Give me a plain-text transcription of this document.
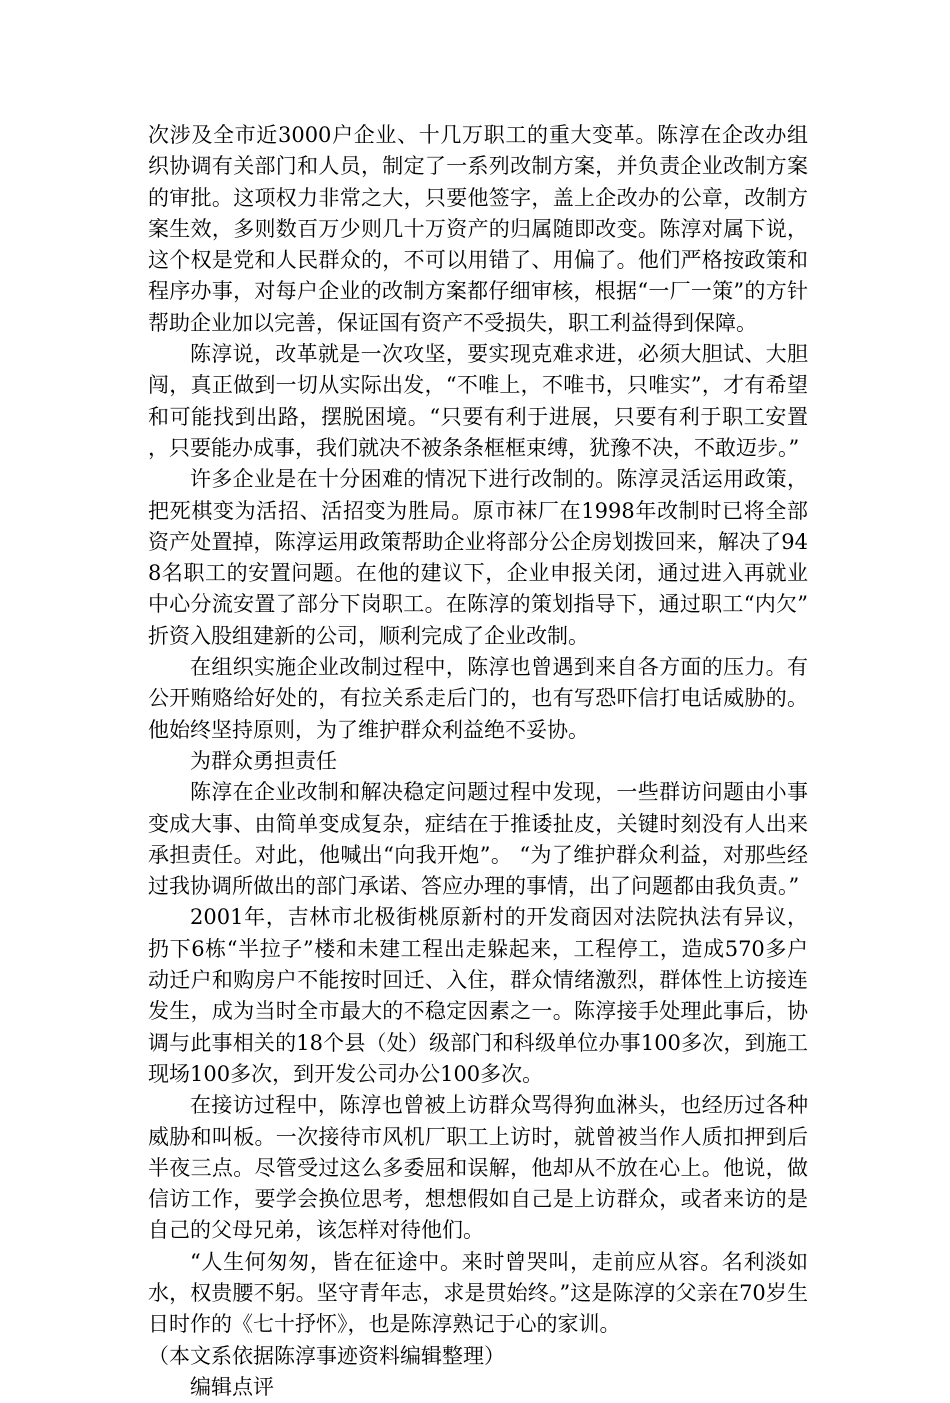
次涉及全市近3000户企业、十几万职工的重大变革。陈淳在企改办组织协调有关部门和人员，制定了一系列改制方案，并负责企业改制方案的审批。这项权力非常之大，只要他签字，盖上企改办的公章，改制方案生效，多则数百万少则几十万资产的归属随即改变。陈淳对属下说，这个权是党和人民群众的，不可以用错了、用偏了。他们严格按政策和程序办事，对每户企业的改制方案都仔细审核，根据“一厂一策”的方针帮助企业加以完善，保证国有资产不受损失，职工利益得到保障。

陈淳说，改革就是一次攻坚，要实现克难求进，必须大胆试、大胆闯，真正做到一切从实际出发，“不唯上，不唯书，只唯实”，才有希望和可能找到出路，摆脱困境。“只要有利于进展，只要有利于职工安置，只要能办成事，我们就决不被条条框框束缚，犹豫不决，不敢迈步。”

许多企业是在十分困难的情况下进行改制的。陈淳灵活运用政策，把死棋变为活招、活招变为胜局。原市袜厂在1998年改制时已将全部资产处置掉，陈淳运用政策帮助企业将部分公企房划拨回来，解决了948名职工的安置问题。在他的建议下，企业申报关闭，通过进入再就业中心分流安置了部分下岗职工。在陈淳的策划指导下，通过职工“内欠”折资入股组建新的公司，顺利完成了企业改制。

在组织实施企业改制过程中，陈淳也曾遇到来自各方面的压力。有公开贿赂给好处的，有拉关系走后门的，也有写恐吓信打电话威胁的。他始终坚持原则，为了维护群众利益绝不妥协。

为群众勇担责任

陈淳在企业改制和解决稳定问题过程中发现，一些群访问题由小事变成大事、由简单变成复杂，症结在于推诿扯皮，关键时刻没有人出来承担责任。对此，他喊出“向我开炮”。 “为了维护群众利益，对那些经过我协调所做出的部门承诺、答应办理的事情，出了问题都由我负责。”

2001年，吉林市北极街桃原新村的开发商因对法院执法有异议，扔下6栋“半拉子”楼和未建工程出走躲起来，工程停工，造成570多户动迁户和购房户不能按时回迁、入住，群众情绪激烈，群体性上访接连发生，成为当时全市最大的不稳定因素之一。陈淳接手处理此事后，协调与此事相关的18个县（处）级部门和科级单位办事100多次，到施工现场100多次，到开发公司办公100多次。

在接访过程中，陈淳也曾被上访群众骂得狗血淋头，也经历过各种威胁和叫板。一次接待市风机厂职工上访时，就曾被当作人质扣押到后半夜三点。尽管受过这么多委屈和误解，他却从不放在心上。他说，做信访工作，要学会换位思考，想想假如自己是上访群众，或者来访的是自己的父母兄弟，该怎样对待他们。

“人生何匆匆，皆在征途中。来时曾哭叫，走前应从容。名利淡如水，权贵腰不躬。坚守青年志，求是贯始终。”这是陈淳的父亲在70岁生日时作的《七十抒怀》，也是陈淳熟记于心的家训。

（本文系依据陈淳事迹资料编辑整理）

编辑点评
